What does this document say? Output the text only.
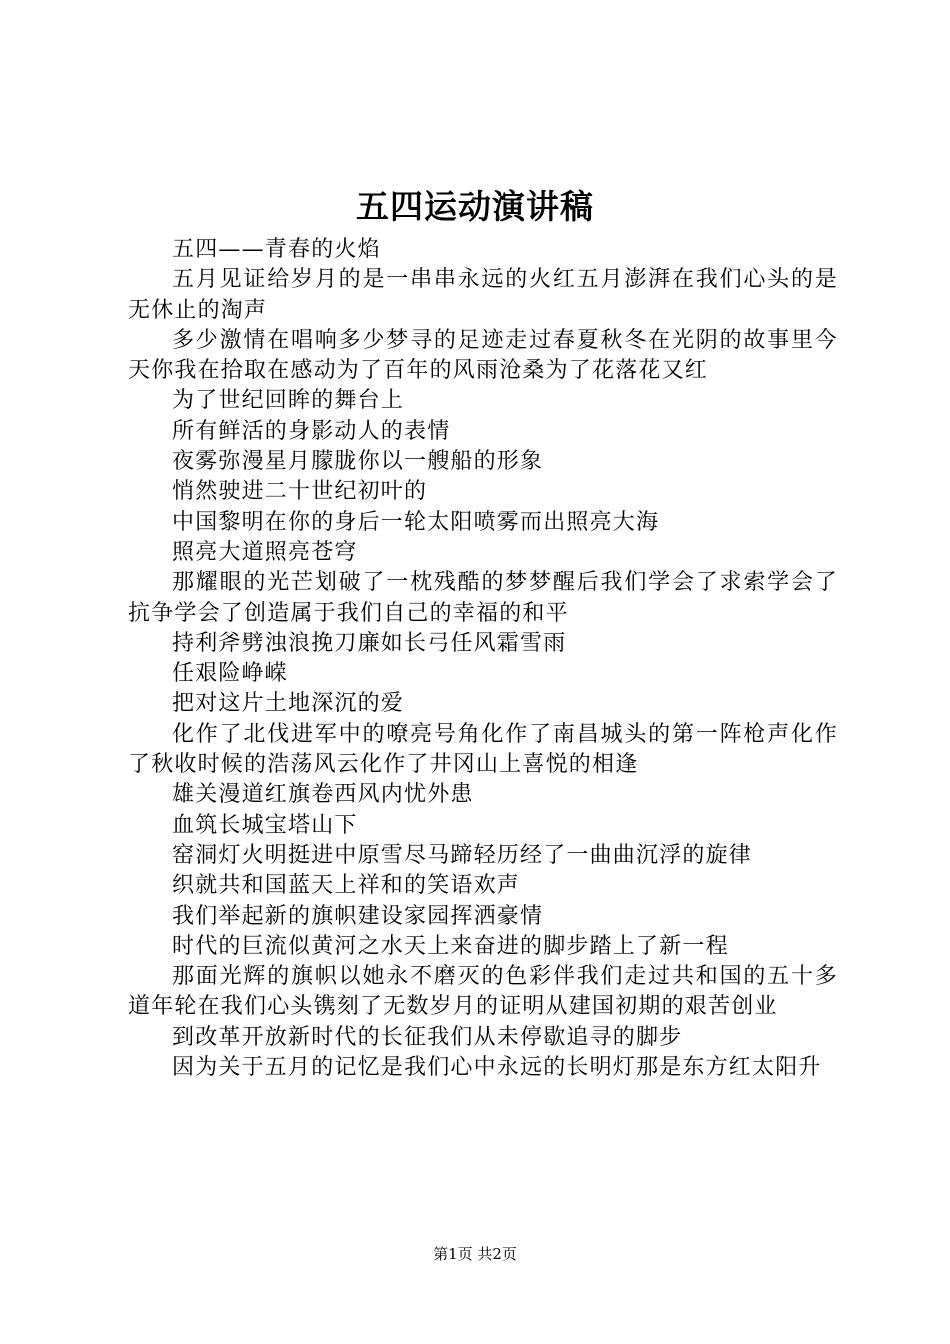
五四运动演讲稿

五四——青春的火焰

五月见证给岁月的是一串串永远的火红五月澎湃在我们心头的是无休止的淘声

多少激情在唱响多少梦寻的足迹走过春夏秋冬在光阴的故事里今天你我在拾取在感动为了百年的风雨沧桑为了花落花又红

为了世纪回眸的舞台上

所有鲜活的身影动人的表情

夜雾弥漫星月朦胧你以一艘船的形象

悄然驶进二十世纪初叶的

中国黎明在你的身后一轮太阳喷雾而出照亮大海

照亮大道照亮苍穹

那耀眼的光芒划破了一枕残酷的梦梦醒后我们学会了求索学会了抗争学会了创造属于我们自己的幸福的和平

持利斧劈浊浪挽刀廉如长弓任风霜雪雨

任艰险峥嵘

把对这片土地深沉的爱

化作了北伐进军中的嘹亮号角化作了南昌城头的第一阵枪声化作了秋收时候的浩荡风云化作了井冈山上喜悦的相逢

雄关漫道红旗卷西风内忧外患

血筑长城宝塔山下

窑洞灯火明挺进中原雪尽马蹄轻历经了一曲曲沉浮的旋律

织就共和国蓝天上祥和的笑语欢声

我们举起新的旗帜建设家园挥洒豪情

时代的巨流似黄河之水天上来奋进的脚步踏上了新一程

那面光辉的旗帜以她永不磨灭的色彩伴我们走过共和国的五十多道年轮在我们心头镌刻了无数岁月的证明从建国初期的艰苦创业

到改革开放新时代的长征我们从未停歇追寻的脚步

因为关于五月的记忆是我们心中永远的长明灯那是东方红太阳升

第1页 共2页
